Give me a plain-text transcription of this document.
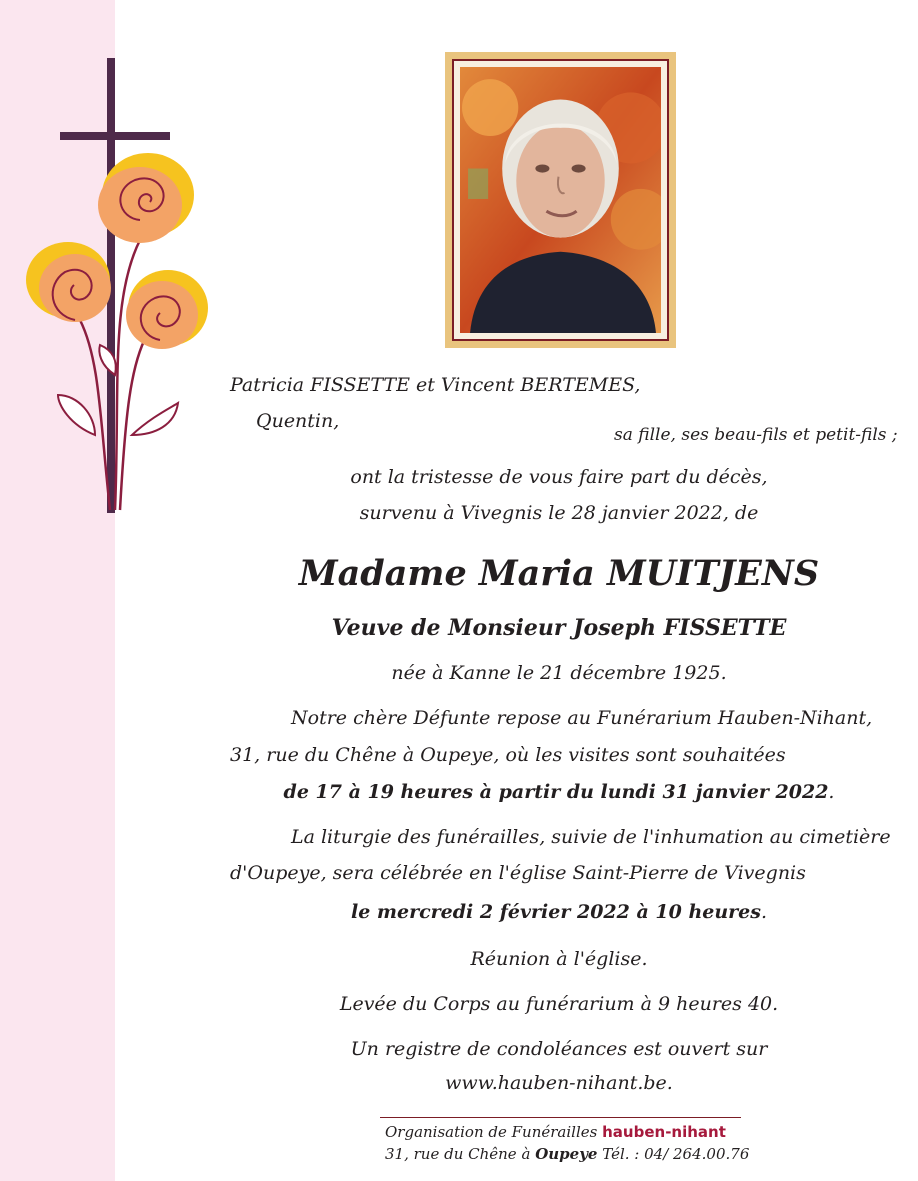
Patricia FISSETTE et Vincent BERTEMES,
Quentin,
sa fille, ses beau-fils et petit-fils ;
ont la tristesse de vous faire part du décès,
survenu à Vivegnis le 28 janvier 2022, de
Madame Maria MUITJENS
Veuve de Monsieur Joseph FISSETTE
née à Kanne le 21 décembre 1925.
Notre chère Défunte repose au Funérarium Hauben-Nihant,
31, rue du Chêne à Oupeye, où les visites sont souhaitées
de 17 à 19 heures à partir du lundi 31 janvier 2022.
La liturgie des funérailles, suivie de l'inhumation au cimetière
d'Oupeye, sera célébrée en l'église Saint-Pierre de Vivegnis
le mercredi 2 février 2022 à 10 heures.
Réunion à l'église.
Levée du Corps au funérarium à 9 heures 40.
Un registre de condoléances est ouvert sur
www.hauben-nihant.be.
Organisation de Funérailles hauben-nihant
31, rue du Chêne à Oupeye Tél. : 04/ 264.00.76
